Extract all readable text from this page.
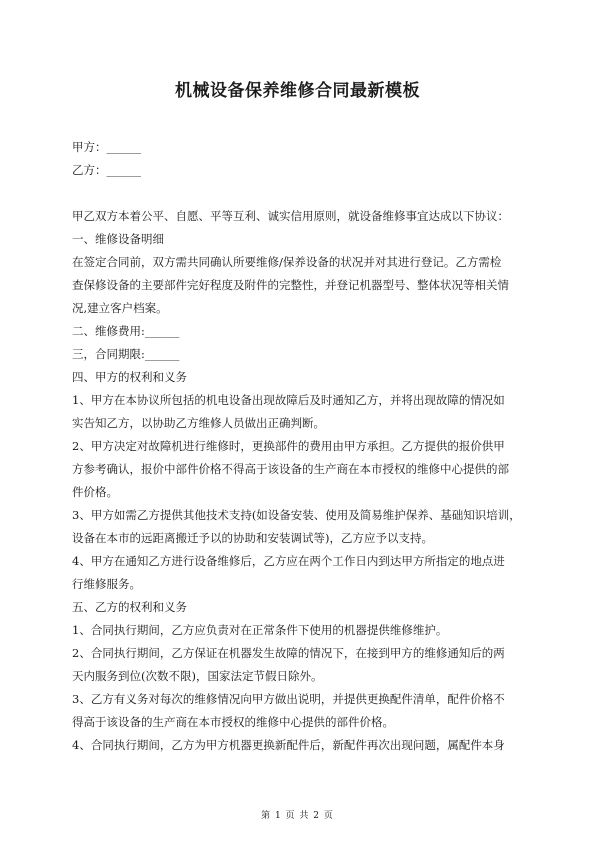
机械设备保养维修合同最新模板
甲方：______
乙方：______
甲乙双方本着公平、自愿、平等互利、诚实信用原则，就设备维修事宜达成以下协议：
一、维修设备明细
在签定合同前，双方需共同确认所要维修/保养设备的状况并对其进行登记。乙方需检
查保修设备的主要部件完好程度及附件的完整性，并登记机器型号、整体状况等相关情
况,建立客户档案。
二、维修费用:______
三，合同期限:______
四、甲方的权利和义务
1、甲方在本协议所包括的机电设备出现故障后及时通知乙方，并将出现故障的情况如
实告知乙方，以协助乙方维修人员做出正确判断。
2、甲方决定对故障机进行维修时，更换部件的费用由甲方承担。乙方提供的报价供甲
方参考确认，报价中部件价格不得高于该设备的生产商在本市授权的维修中心提供的部
件价格。
3、甲方如需乙方提供其他技术支持(如设备安装、使用及简易维护保养、基础知识培训，
设备在本市的远距离搬迁予以的协助和安装调试等)，乙方应予以支持。
4、甲方在通知乙方进行设备维修后，乙方应在两个工作日内到达甲方所指定的地点进
行维修服务。
五、乙方的权利和义务
1、合同执行期间，乙方应负责对在正常条件下使用的机器提供维修维护。
2、合同执行期间，乙方保证在机器发生故障的情况下，在接到甲方的维修通知后的两
天内服务到位(次数不限)，国家法定节假日除外。
3、乙方有义务对每次的维修情况向甲方做出说明，并提供更换配件清单，配件价格不
得高于该设备的生产商在本市授权的维修中心提供的部件价格。
4、合同执行期间，乙方为甲方机器更换新配件后，新配件再次出现问题，属配件本身
第 1 页 共 2 页
